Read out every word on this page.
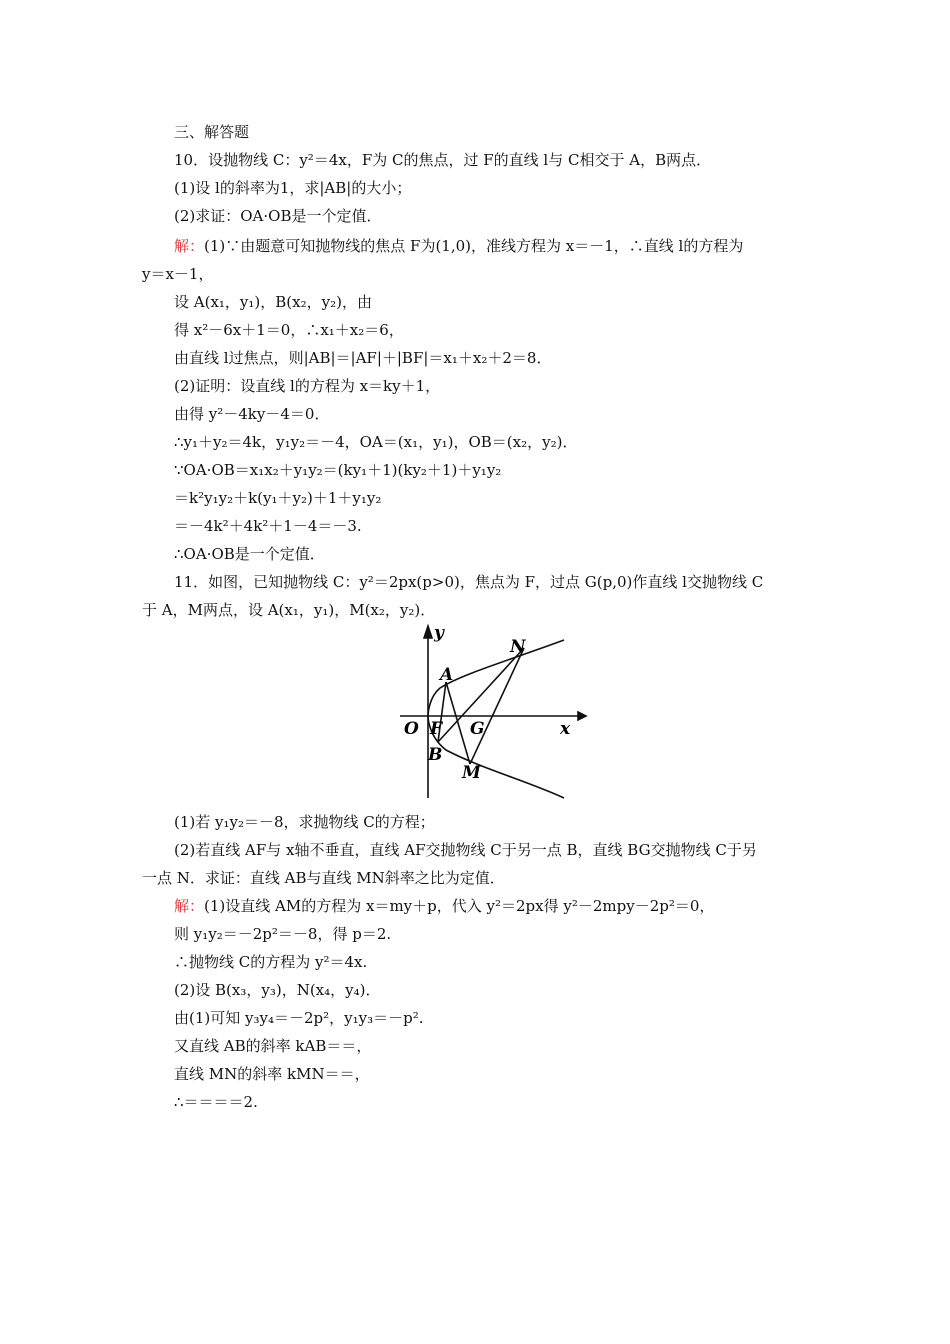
三、解答题
10．设抛物线 C：y²＝4x，F为 C的焦点，过 F的直线 l与 C相交于 A，B两点．
(1)设 l的斜率为1，求|AB|的大小；
(2)求证：OA·OB是一个定值．
解：(1)∵由题意可知抛物线的焦点 F为(1,0)，准线方程为 x＝－1，∴直线 l的方程为
y＝x－1，
设 A(x₁，y₁)，B(x₂，y₂)，由
得 x²－6x＋1＝0，∴x₁＋x₂＝6，
由直线 l过焦点，则|AB|＝|AF|＋|BF|＝x₁＋x₂＋2＝8．
(2)证明：设直线 l的方程为 x＝ky＋1，
由得 y²－4ky－4＝0．
∴y₁＋y₂＝4k，y₁y₂＝－4，OA＝(x₁，y₁)，OB＝(x₂，y₂)．
∵OA·OB＝x₁x₂＋y₁y₂＝(ky₁＋1)(ky₂＋1)＋y₁y₂
＝k²y₁y₂＋k(y₁＋y₂)＋1＋y₁y₂
＝－4k²＋4k²＋1－4＝－3.
∴OA·OB是一个定值．
11．如图，已知抛物线 C：y²＝2px(p>0)，焦点为 F，过点 G(p,0)作直线 l交抛物线 C
于 A，M两点，设 A(x₁，y₁)，M(x₂，y₂)．
y
x
O F G
A
B
M
N
(1)若 y₁y₂＝－8，求抛物线 C的方程；
(2)若直线 AF与 x轴不垂直，直线 AF交抛物线 C于另一点 B，直线 BG交抛物线 C于另
一点 N．求证：直线 AB与直线 MN斜率之比为定值．
解：(1)设直线 AM的方程为 x＝my＋p，代入 y²＝2px得 y²－2mpy－2p²＝0，
则 y₁y₂＝－2p²＝－8，得 p＝2.
∴抛物线 C的方程为 y²＝4x.
(2)设 B(x₃，y₃)，N(x₄，y₄)．
由(1)可知 y₃y₄＝－2p²，y₁y₃＝－p².
又直线 AB的斜率 kAB＝＝，
直线 MN的斜率 kMN＝＝，
∴＝＝＝＝2.
